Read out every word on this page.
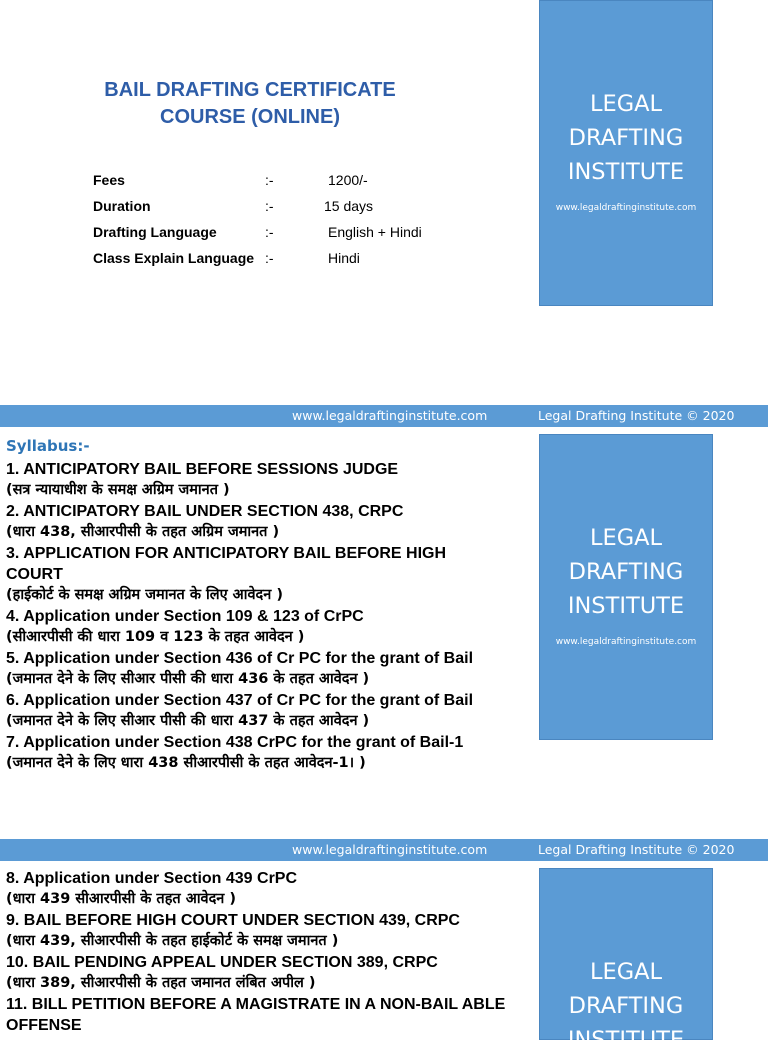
BAIL DRAFTING CERTIFICATE
COURSE (ONLINE)
Fees	:-	1200/-
Duration	:-	15 days
Drafting Language	:-	English + Hindi
Class Explain Language :-	Hindi
LEGAL
DRAFTING
INSTITUTE
www.legaldraftinginstitute.com
www.legaldraftinginstitute.com	Legal Drafting Institute © 2020
Syllabus:-
1. ANTICIPATORY BAIL BEFORE SESSIONS JUDGE
(सत्र न्यायाधीश के समक्ष अग्रिम जमानत )
2. ANTICIPATORY BAIL UNDER SECTION 438, CRPC
(धारा 438, सीआरपीसी के तहत अग्रिम जमानत )
3. APPLICATION FOR ANTICIPATORY BAIL BEFORE HIGH COURT
(हाईकोर्ट के समक्ष अग्रिम जमानत के लिए आवेदन )
4. Application under Section 109 & 123 of CrPC
(सीआरपीसी की धारा 109 व 123 के तहत आवेदन )
5. Application under Section 436 of Cr PC for the grant of Bail
(जमानत देने के लिए सीआर पीसी की धारा 436 के तहत आवेदन )
6. Application under Section 437 of Cr PC for the grant of Bail
(जमानत देने के लिए सीआर पीसी की धारा 437 के तहत आवेदन )
7. Application under Section 438 CrPC for the grant of Bail-1
(जमानत देने के लिए धारा 438 सीआरपीसी के तहत आवेदन-1। )
LEGAL
DRAFTING
INSTITUTE
www.legaldraftinginstitute.com
www.legaldraftinginstitute.com	Legal Drafting Institute © 2020
8. Application under Section 439 CrPC
(धारा 439 सीआरपीसी के तहत आवेदन )
9. BAIL BEFORE HIGH COURT UNDER SECTION 439, CRPC
(धारा 439, सीआरपीसी के तहत हाईकोर्ट के समक्ष जमानत )
10. BAIL PENDING APPEAL UNDER SECTION 389, CRPC
(धारा 389, सीआरपीसी के तहत जमानत लंबित अपील )
11. BILL PETITION BEFORE A MAGISTRATE IN A NON-BAIL ABLE OFFENSE
LEGAL
DRAFTING
INSTITUTE
